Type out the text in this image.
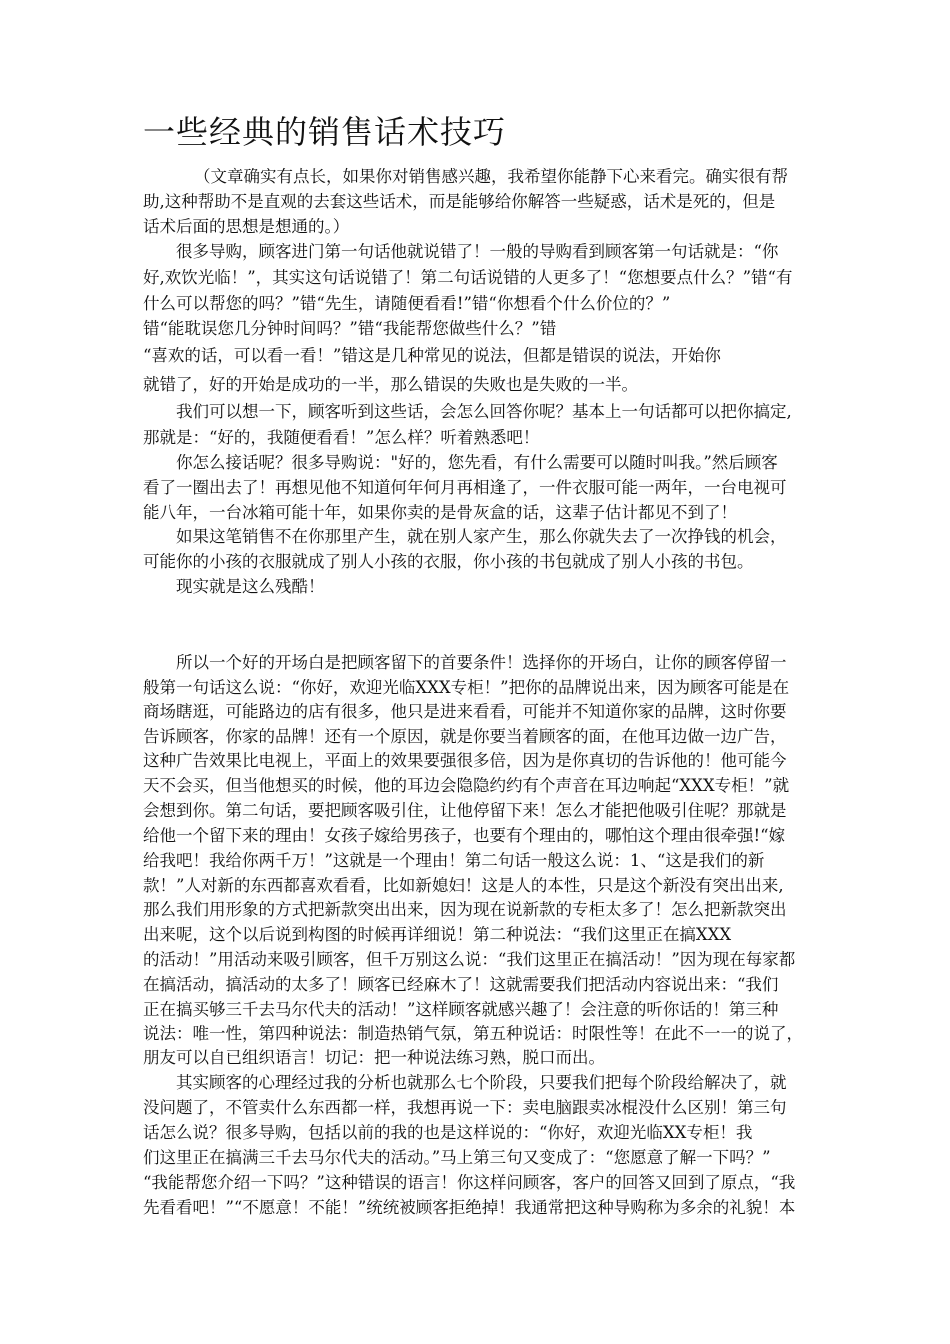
一些经典的销售话术技巧

（文章确实有点长，如果你对销售感兴趣，我希望你能静下心来看完。确实很有帮

助,这种帮助不是直观的去套这些话术，而是能够给你解答一些疑惑，话术是死的，但是

话术后面的思想是想通的。）

很多导购，顾客进门第一句话他就说错了！一般的导购看到顾客第一句话就是：“你

好,欢饮光临！”，其实这句话说错了！第二句话说错的人更多了！“您想要点什么？”错“有

什么可以帮您的吗？”错“先生，请随便看看!”错“你想看个什么价位的？”

错“能耽误您几分钟时间吗？”错“我能帮您做些什么？”错

“喜欢的话，可以看一看！”错这是几种常见的说法，但都是错误的说法，开始你

就错了，好的开始是成功的一半，那么错误的失败也是失败的一半。

我们可以想一下，顾客听到这些话，会怎么回答你呢？基本上一句话都可以把你搞定,

那就是：“好的，我随便看看！”怎么样？听着熟悉吧！

你怎么接话呢？很多导购说："好的，您先看，有什么需要可以随时叫我。”然后顾客

看了一圈出去了！再想见他不知道何年何月再相逢了，一件衣服可能一两年，一台电视可

能八年，一台冰箱可能十年，如果你卖的是骨灰盒的话，这辈子估计都见不到了！

如果这笔销售不在你那里产生，就在别人家产生，那么你就失去了一次挣钱的机会，

可能你的小孩的衣服就成了别人小孩的衣服，你小孩的书包就成了别人小孩的书包。

现实就是这么残酷！

所以一个好的开场白是把顾客留下的首要条件！选择你的开场白，让你的顾客停留一

般第一句话这么说：“你好，欢迎光临XXX专柜！”把你的品牌说出来，因为顾客可能是在

商场瞎逛，可能路边的店有很多，他只是进来看看，可能并不知道你家的品牌，这时你要

告诉顾客，你家的品牌！还有一个原因，就是你要当着顾客的面，在他耳边做一边广告，

这种广告效果比电视上，平面上的效果要强很多倍，因为是你真切的告诉他的！他可能今

天不会买，但当他想买的时候，他的耳边会隐隐约约有个声音在耳边响起“XXX专柜！”就

会想到你。第二句话，要把顾客吸引住，让他停留下来！怎么才能把他吸引住呢？那就是

给他一个留下来的理由！女孩子嫁给男孩子，也要有个理由的，哪怕这个理由很牵强!“嫁

给我吧！我给你两千万！”这就是一个理由！第二句话一般这么说：1、“这是我们的新

款！”人对新的东西都喜欢看看，比如新媳妇！这是人的本性，只是这个新没有突出出来,

那么我们用形象的方式把新款突出出来，因为现在说新款的专柜太多了！怎么把新款突出

出来呢，这个以后说到构图的时候再详细说！第二种说法：“我们这里正在搞XXX

的活动！”用活动来吸引顾客，但千万别这么说：“我们这里正在搞活动！”因为现在每家都

在搞活动，搞活动的太多了！顾客已经麻木了！这就需要我们把活动内容说出来：“我们

正在搞买够三千去马尔代夫的活动！”这样顾客就感兴趣了！会注意的听你话的！第三种

说法：唯一性，第四种说法：制造热销气氛，第五种说话：时限性等！在此不一一的说了，

朋友可以自已组织语言！切记：把一种说法练习熟，脱口而出。

其实顾客的心理经过我的分析也就那么七个阶段，只要我们把每个阶段给解决了，就

没问题了，不管卖什么东西都一样，我想再说一下：卖电脑跟卖冰棍没什么区别！第三句

话怎么说？很多导购，包括以前的我的也是这样说的：“你好，欢迎光临XX专柜！我

们这里正在搞满三千去马尔代夫的活动。”马上第三句又变成了：“您愿意了解一下吗？”

“我能帮您介绍一下吗？”这种错误的语言！你这样问顾客，客户的回答又回到了原点，“我

先看看吧！”“不愿意！不能！”统统被顾客拒绝掉！我通常把这种导购称为多余的礼貌！本
